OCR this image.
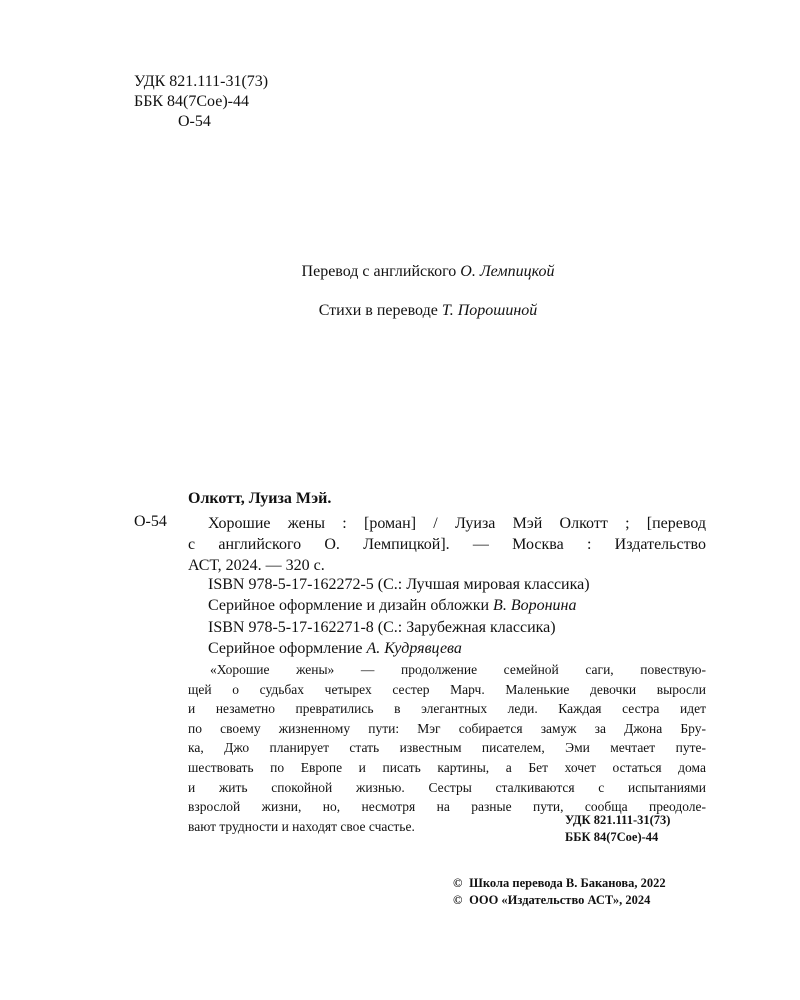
УДК 821.111-31(73)
ББК 84(7Сое)-44
О-54
Перевод с английского О. Лемпицкой
Стихи в переводе Т. Порошиной
Олкотт, Луиза Мэй.
О-54	Хорошие жены : [роман] / Луиза Мэй Олкотт ; [перевод

с английского О. Лемпицкой]. — Москва : Издательство

АСТ, 2024. — 320 с.

ISBN 978-5-17-162272-5 (С.: Лучшая мировая классика)
Серийное оформление и дизайн обложки В. Воронина
ISBN 978-5-17-162271-8 (С.: Зарубежная классика)
Серийное оформление А. Кудрявцева

«Хорошие жены» — продолжение семейной саги, повествую-

щей о судьбах четырех сестер Марч. Маленькие девочки выросли

и незаметно превратились в элегантных леди. Каждая сестра идет

по своему жизненному пути: Мэг собирается замуж за Джона Бру-

ка, Джо планирует стать известным писателем, Эми мечтает путе-

шествовать по Европе и писать картины, а Бет хочет остаться дома

и жить спокойной жизнью. Сестры сталкиваются с испытаниями

взрослой жизни, но, несмотря на разные пути, сообща преодоле-

вают трудности и находят свое счастье.	УДК 821.111-31(73)
ББК 84(7Сое)-44
© Школа перевода В. Баканова, 2022
© ООО «Издательство АСТ», 2024
